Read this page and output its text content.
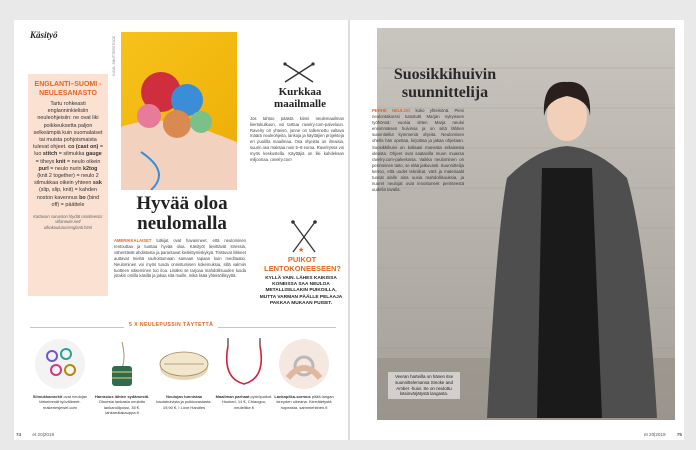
Käsityö
ENGLANTI–SUOMI -NEULESANASTO
Tartu rohkeasti englanninkielisiin neuleohjeisiin: ne ovat liki poikkeuksetta paljon selkeämpiä kuin suomalaiset tai muista pohjoismaista tulevat ohjeet. co (cast on) = luo stitch = silmukka gauge = tiheys knit = neulo oikein purl = neulo nurin k2tog (knit 2 together) = neulo 2 silmukkaa oikein yhteen ssk (slip, slip, knit) = kahden noston kavennus bo (bind off) = päättele
Kattavan sanaston löydät osoitteesta: villaneule.net/ ulkokoulutus/englanti.html
KUVA: SHUTTERSTOCK
Kurkkaa maailmalle
Jos tahtoo päästä kiinni neulemaailman kiertokulkuun, voi tarttua ravelry.com-palveluun. Ravelry on yhteisö, jonne on tallennettu valtava määrä neuleohjeita, lankoja ja käyttäjien projekteja eri puolilta maailmaa. Osa ohjeista on ilmaisia, suurin osa maksaa noin 5–8 euroa. Ravelryssa voi myös keskustella. Käyttäjiä on liki kahdeksan miljoonaa. ravelry.com
Hyvää oloa neulomalla
AMERIKKALAISET tutkijat ovat havainneet, että neulominen rentouttaa ja tuottaa hyvää oloa. Käsityöt lievittävät stressiä, vähentävät ahdistusta ja parantavat keskittymiskykyä. Toistuvat liikkeet auttavat mieltä rauhoittumaan samaan tapaan kuin meditaatio. Neulominen voi myös tuoda onnistumisen kokemuksia, sillä valmiin tuotteen näkeminen tuo iloa. Lisäksi se tarjoaa mahdollisuuden luoda jotakin omilla käsillä ja jakaa sitä muille, mikä lisää yhteisöllisyyttä.
★
PUIKOT LENTOKONEESEEN?
KYLLÄ VAIN. LÄHES KAIKISSA KONEISSA SAA NEULOA METALLISILLAKIN PUIKOILLA, MUTTA VARMAN PÄÄLLE PELAAJA PAKKAA MUKAAN PUISET.
5 X NEULEPUSSIN TÄYTETTÄ
Silmukkamerkit ovat neulojan tärkeimmät työvälineet. makeriesjewel.com
Harrastus lähtee sydämestä. Ohuesta lankasta neulottu lankarullipussi, 35 €, lankarullakauppa.fi
Neulojan tunnistaa kaulahuivista ja puikkorasiasta. 19,90 €, I Love Handles
Maailman parhaat pyöröpuikot. Hooked, 14 €, Chiaogoo, neuleliike.fi
Lankapiika-sormus pitää langan kireyden oikeana. Kierrätetystä hopeasta. sammiehtinen.fi
74 et 20|2019
Suosikkihuivin suunnittelija
PERHE NEULOO koko yhteisönä. Pieni neulontakurssi tutustutti Marjan nykyiseen työhönsä: vuosia sitten Marja neuloi ensimmäisen huivinsa ja on siitä lähtien suunnitellut kymmeniä ohjeita. Neulomisen ohella hän opettaa, kirjoittaa ja jakaa ohjeitaan. Suosikkihuivi on kollaasi monesta erilaisesta ideasta. Ohjeet ovat saatavilla muun muassa ravelry.com-palvelussa. Vaikka neulominen on perinteinen taito, se elää jatkuvasti. Suunnittelija kertoo, että uudet tekniikat, värit ja materiaalit tuovat alalle aina uusia mahdollisuuksia, ja nuoret neulojat ovat innostuneet perinteestä uudella tavalla.
Veeran harteilla on hänen itse suunnittelemansa Smoke and Amber -huivi. Se on neulottu käsinvärjätystä langasta.
et 20|2019 75
